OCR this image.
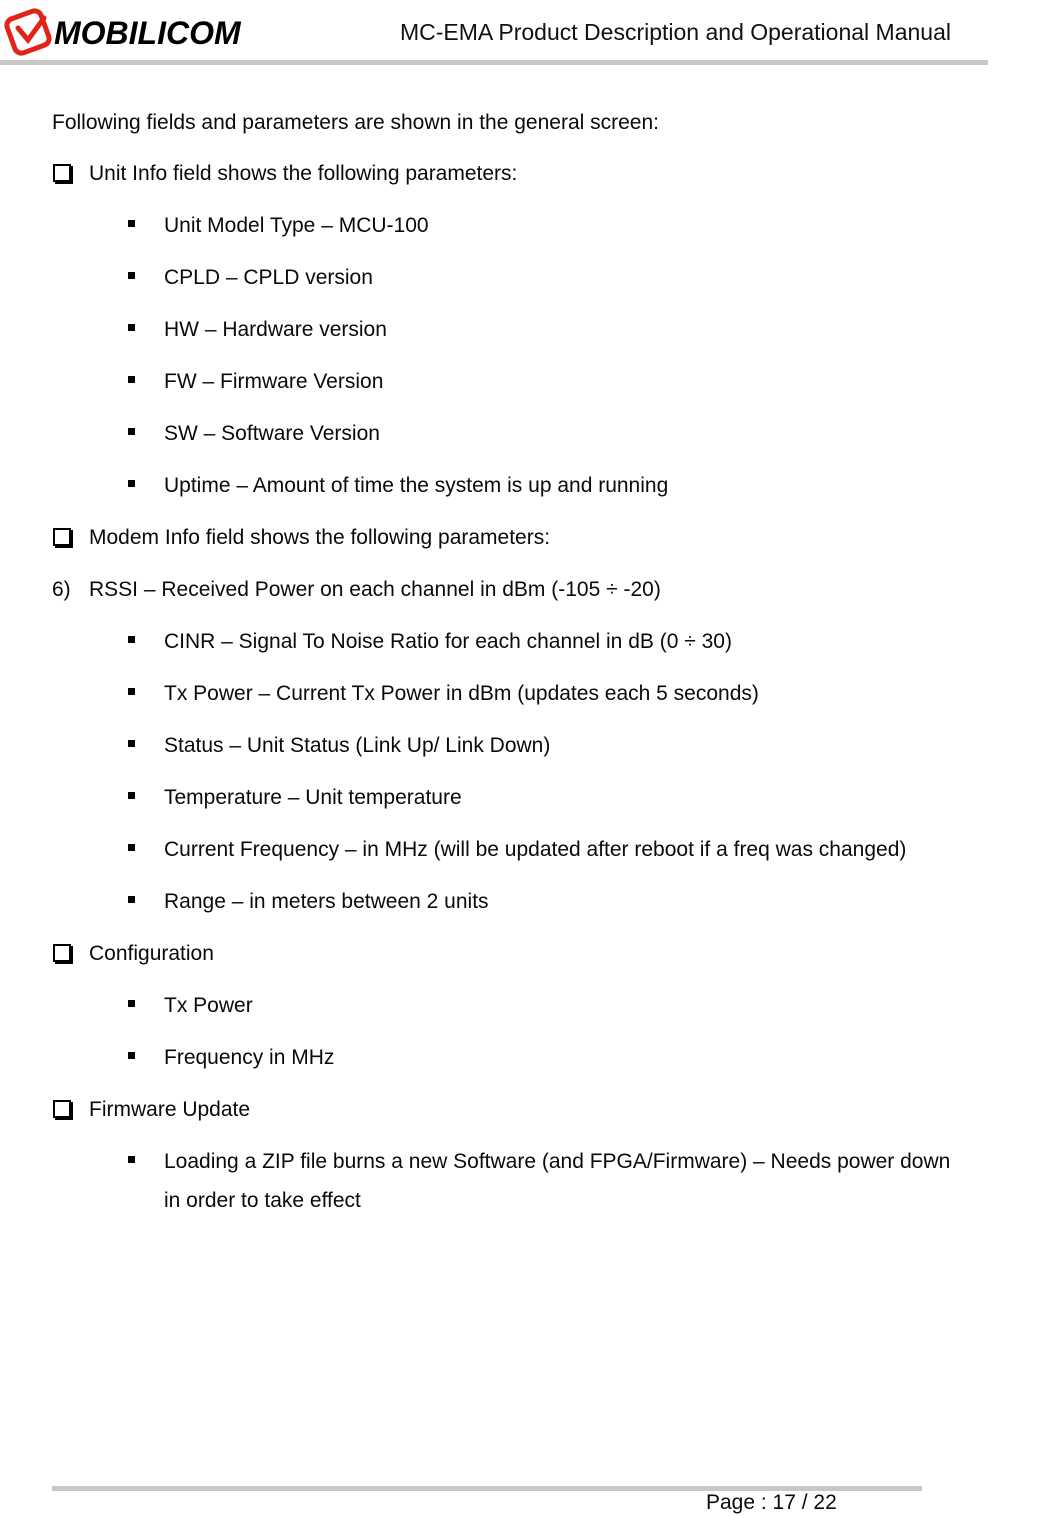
MOBILICOM	MC-EMA Product Description and Operational Manual
Following fields and parameters are shown in the general screen:
Unit Info field shows the following parameters:
Unit Model Type – MCU-100
CPLD – CPLD version
HW – Hardware version
FW – Firmware Version
SW – Software Version
Uptime – Amount of time the system is up and running
Modem Info field shows the following parameters:
6) RSSI – Received Power on each channel in dBm (-105 ÷ -20)
CINR – Signal To Noise Ratio for each channel in dB (0 ÷ 30)
Tx Power – Current Tx Power in dBm (updates each 5 seconds)
Status – Unit Status (Link Up/ Link Down)
Temperature – Unit temperature
Current Frequency – in MHz (will be updated after reboot if a freq was changed)
Range – in meters between 2 units
Configuration
Tx Power
Frequency in MHz
Firmware Update
Loading a ZIP file burns a new Software (and FPGA/Firmware) – Needs power down
in order to take effect
Page : 17 / 22
